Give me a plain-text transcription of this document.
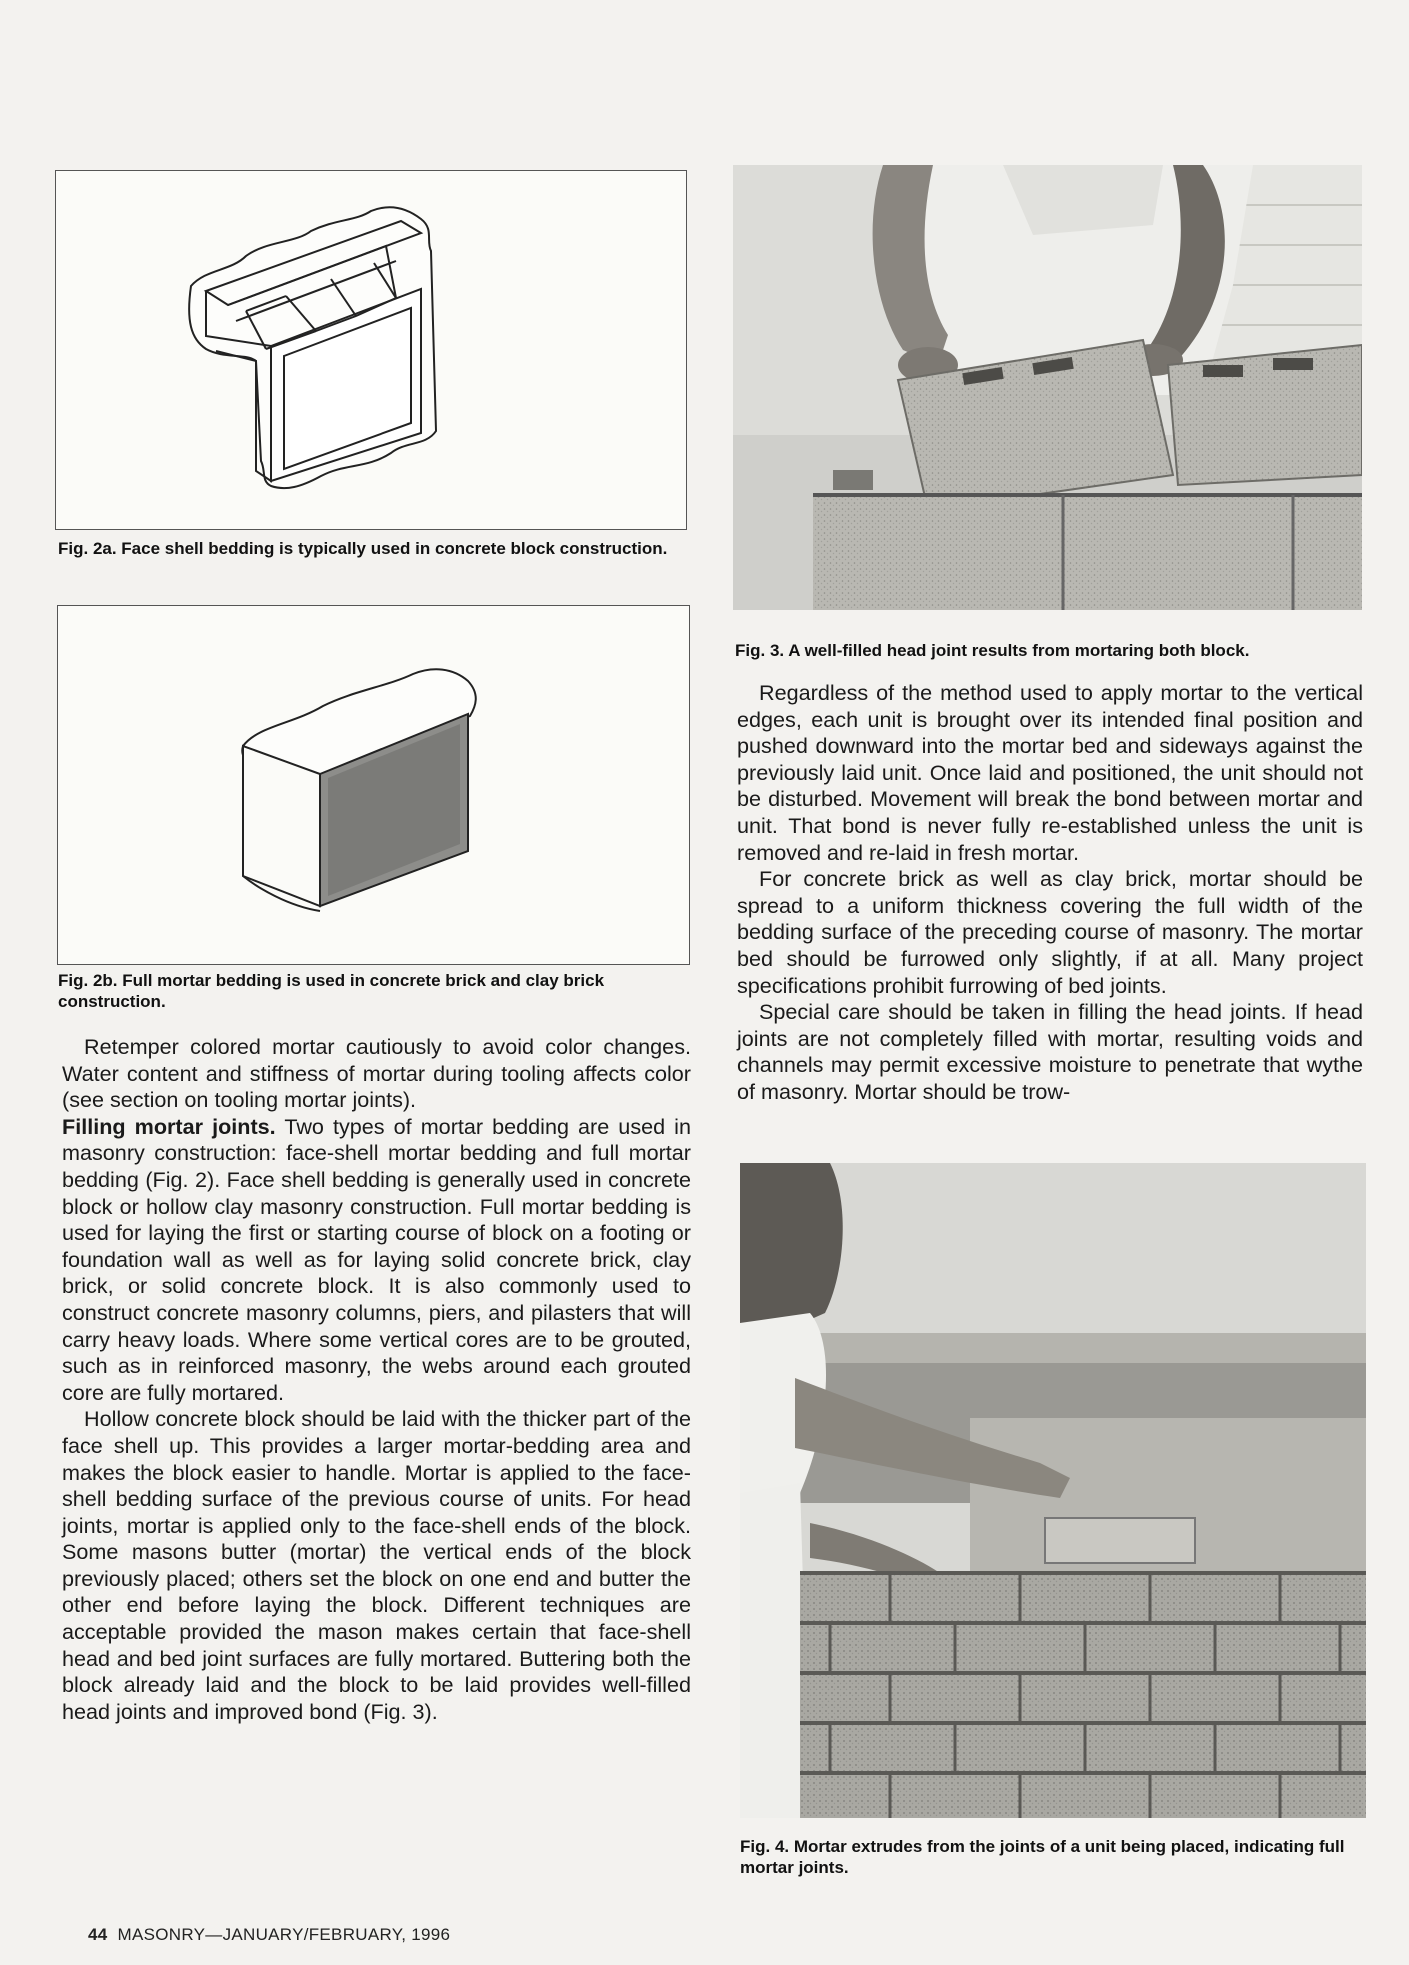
Fig. 2a. Face shell bedding is typically used in concrete block construction.
Fig. 2b. Full mortar bedding is used in concrete brick and clay brick construction.
Fig. 3. A well-filled head joint results from mortaring both block.

Retemper colored mortar cautiously to avoid color changes. Water content and stiffness of mortar during tooling affects color (see section on tooling mortar joints).

Filling mortar joints. Two types of mortar bedding are used in masonry construction: face-shell mortar bedding and full mortar bedding (Fig. 2). Face shell bedding is generally used in concrete block or hollow clay masonry construction. Full mortar bedding is used for laying the first or starting course of block on a footing or foundation wall as well as for laying solid concrete brick, clay brick, or solid concrete block. It is also commonly used to construct concrete masonry columns, piers, and pilasters that will carry heavy loads. Where some vertical cores are to be grouted, such as in reinforced masonry, the webs around each grouted core are fully mortared.

Hollow concrete block should be laid with the thicker part of the face shell up. This provides a larger mortar-bedding area and makes the block easier to handle. Mortar is applied to the face-shell bedding surface of the previous course of units. For head joints, mortar is applied only to the face-shell ends of the block. Some masons butter (mortar) the vertical ends of the block previously placed; others set the block on one end and butter the other end before laying the block. Different techniques are acceptable provided the mason makes certain that face-shell head and bed joint surfaces are fully mortared. Buttering both the block already laid and the block to be laid provides well-filled head joints and improved bond (Fig. 3).

Regardless of the method used to apply mortar to the vertical edges, each unit is brought over its intended final position and pushed downward into the mortar bed and sideways against the previously laid unit. Once laid and positioned, the unit should not be disturbed. Movement will break the bond between mortar and unit. That bond is never fully re-established unless the unit is removed and re-laid in fresh mortar.

For concrete brick as well as clay brick, mortar should be spread to a uniform thickness covering the full width of the bedding surface of the preceding course of masonry. The mortar bed should be furrowed only slightly, if at all. Many project specifications prohibit furrowing of bed joints.

Special care should be taken in filling the head joints. If head joints are not completely filled with mortar, resulting voids and channels may permit excessive moisture to penetrate that wythe of masonry. Mortar should be trow-

Fig. 4. Mortar extrudes from the joints of a unit being placed, indicating full mortar joints.
44 MASONRY—JANUARY/FEBRUARY, 1996
